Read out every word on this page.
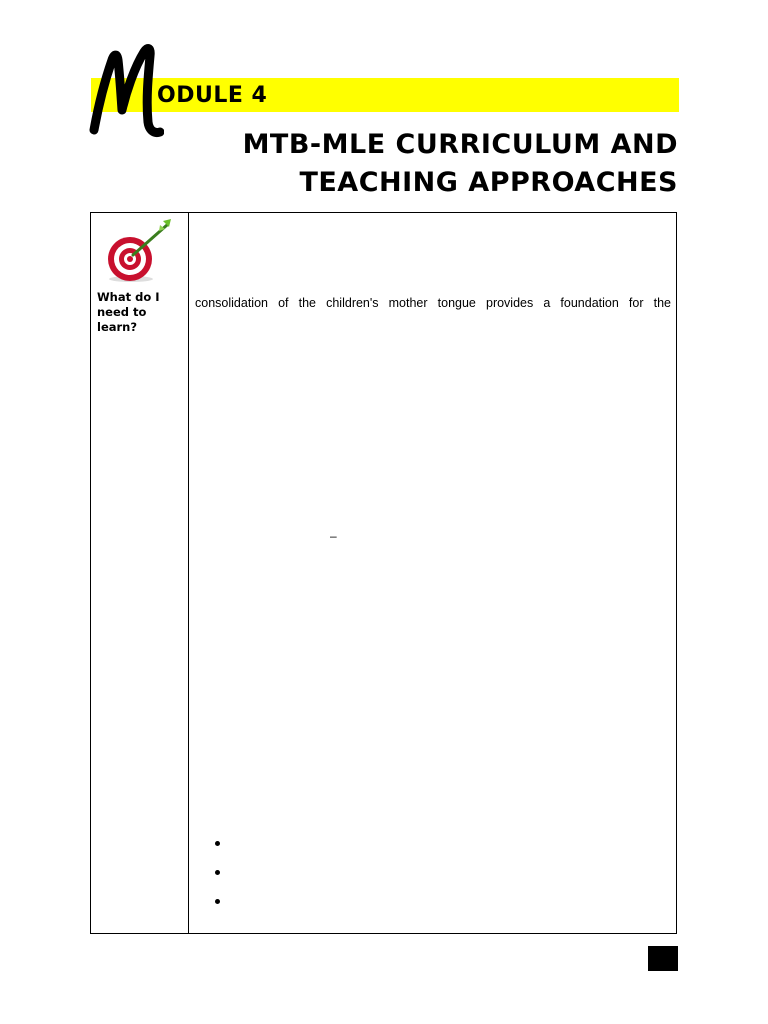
ODULE 4
MTB-MLE CURRICULUM AND
TEACHING APPROACHES
What do I need to learn?
consolidation of the children's mother tongue provides a foundation for the
–
